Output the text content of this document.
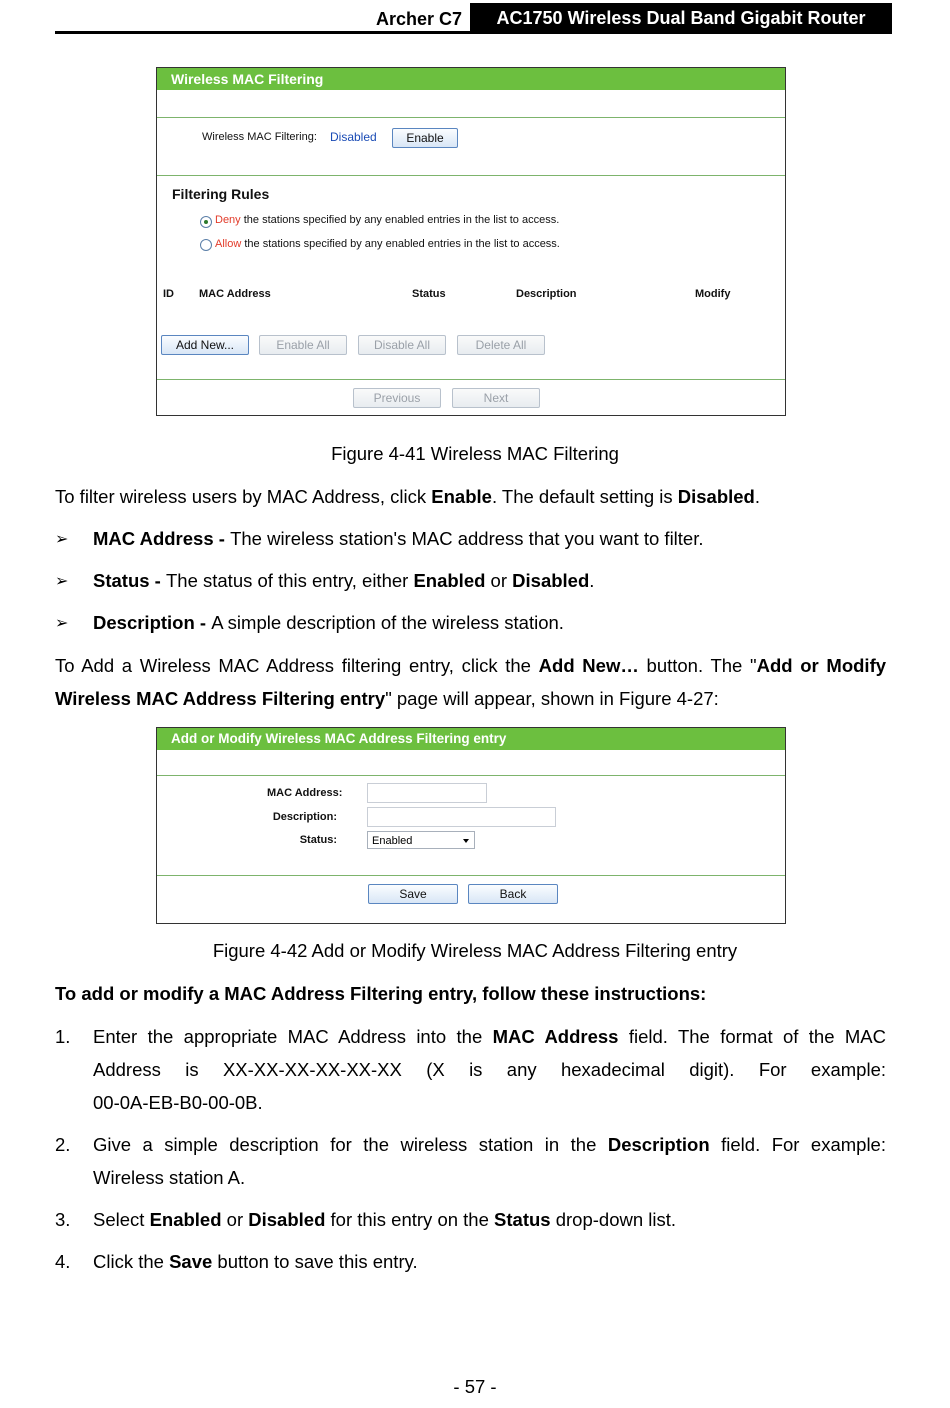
Archer C7	AC1750 Wireless Dual Band Gigabit Router
Wireless MAC Filtering
Wireless MAC Filtering: Disabled	Enable
Filtering Rules
Deny the stations specified by any enabled entries in the list to access.
Allow the stations specified by any enabled entries in the list to access.
ID MAC Address	Status	Description	Modify
Add New...	Enable All	Disable All	Delete All
Previous	Next
Figure 4-41 Wireless MAC Filtering
To filter wireless users by MAC Address, click Enable. The default setting is Disabled.
➢ MAC Address - The wireless station's MAC address that you want to filter.
➢ Status - The status of this entry, either Enabled or Disabled.
➢ Description - A simple description of the wireless station.
To Add a Wireless MAC Address filtering entry, click the Add New… button. The "Add or Modify
Wireless MAC Address Filtering entry" page will appear, shown in Figure 4-27:
Add or Modify Wireless MAC Address Filtering entry
MAC Address:
Description:
Status:	Enabled
Save	Back
Figure 4-42 Add or Modify Wireless MAC Address Filtering entry
To add or modify a MAC Address Filtering entry, follow these instructions:
1. Enter the appropriate MAC Address into the MAC Address field. The format of the MAC
Address is XX-XX-XX-XX-XX-XX (X is any hexadecimal digit). For example:
00-0A-EB-B0-00-0B.
2. Give a simple description for the wireless station in the Description field. For example:
Wireless station A.
3. Select Enabled or Disabled for this entry on the Status drop-down list.
4. Click the Save button to save this entry.
- 57 -
